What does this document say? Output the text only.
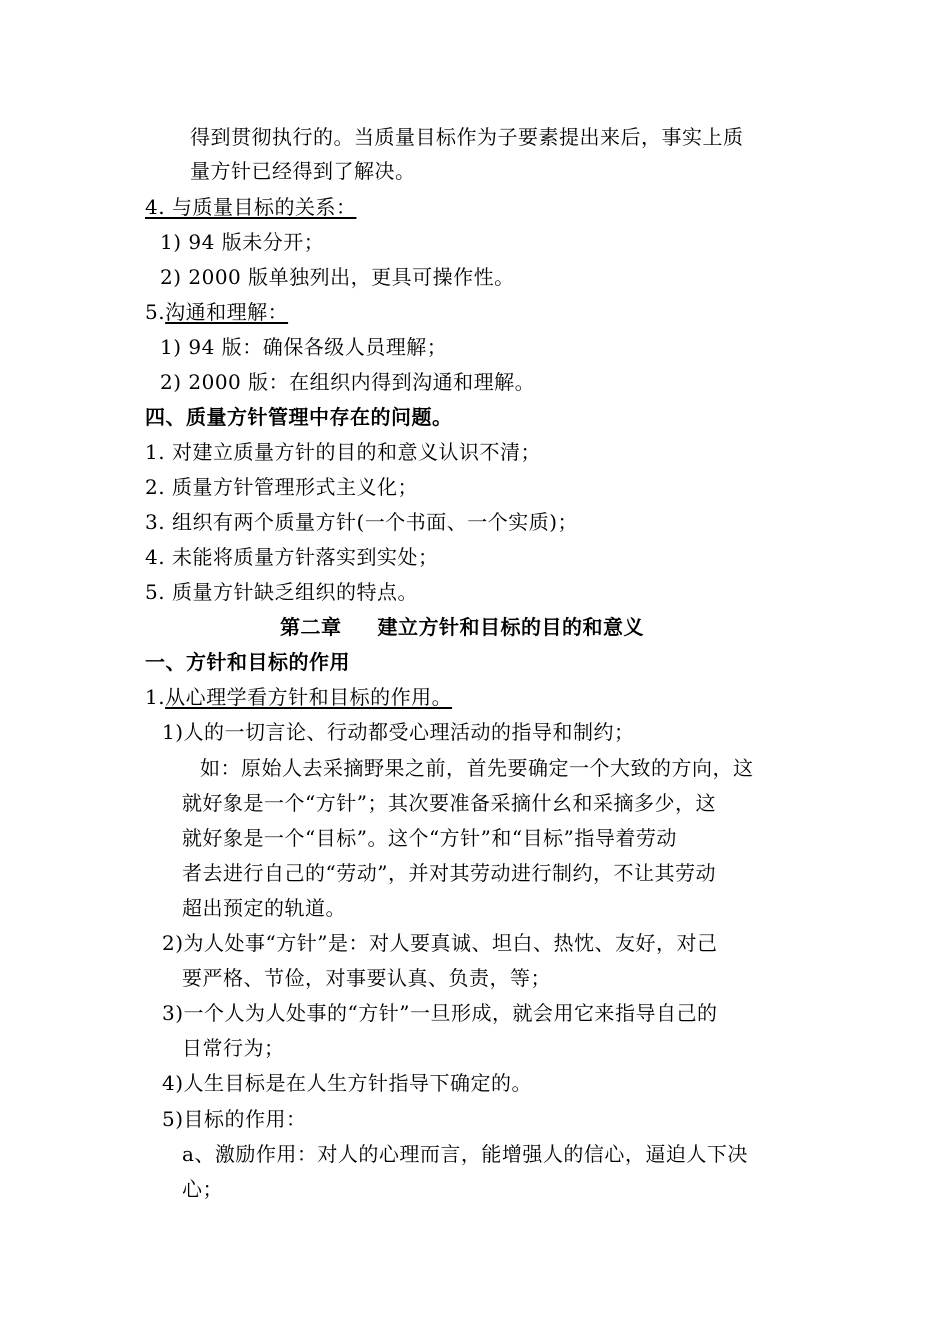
得到贯彻执行的。当质量目标作为子要素提出来后，事实上质
量方针已经得到了解决。
4. 与质量目标的关系：
1) 94 版未分开；
2) 2000 版单独列出，更具可操作性。
5.沟通和理解：
1) 94 版：确保各级人员理解；
2) 2000 版：在组织内得到沟通和理解。
四、质量方针管理中存在的问题。
1. 对建立质量方针的目的和意义认识不清；
2. 质量方针管理形式主义化；
3. 组织有两个质量方针(一个书面、一个实质)；
4. 未能将质量方针落实到实处；
5. 质量方针缺乏组织的特点。
第二章 建立方针和目标的目的和意义
一、方针和目标的作用
1.从心理学看方针和目标的作用。
1)人的一切言论、行动都受心理活动的指导和制约；
如：原始人去采摘野果之前，首先要确定一个大致的方向，这
就好象是一个“方针”；其次要准备采摘什幺和采摘多少，这
就好象是一个“目标”。这个“方针”和“目标”指导着劳动
者去进行自己的“劳动”，并对其劳动进行制约，不让其劳动
超出预定的轨道。
2)为人处事“方针”是：对人要真诚、坦白、热忱、友好，对己
要严格、节俭，对事要认真、负责，等；
3)一个人为人处事的“方针”一旦形成，就会用它来指导自己的
日常行为；
4)人生目标是在人生方针指导下确定的。
5)目标的作用：
a、激励作用：对人的心理而言，能增强人的信心，逼迫人下决
心；
